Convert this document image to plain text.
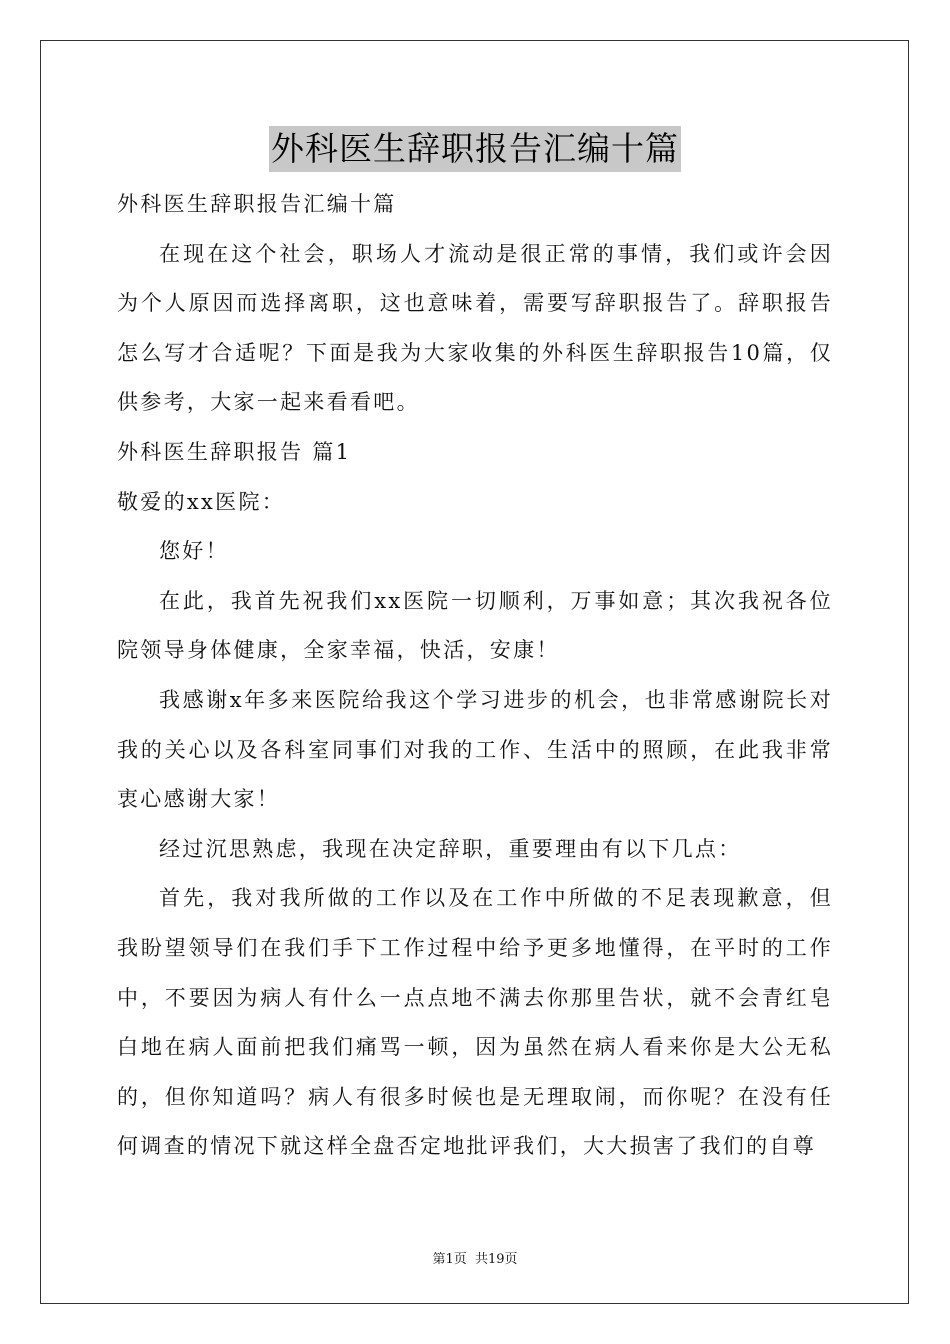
外科医生辞职报告汇编十篇

外科医生辞职报告汇编十篇

在现在这个社会，职场人才流动是很正常的事情，我们或许会因为个人原因而选择离职，这也意味着，需要写辞职报告了。辞职报告怎么写才合适呢？下面是我为大家收集的外科医生辞职报告10篇，仅供参考，大家一起来看看吧。

外科医生辞职报告 篇1

敬爱的xx医院：

您好！

在此，我首先祝我们xx医院一切顺利，万事如意；其次我祝各位院领导身体健康，全家幸福，快活，安康！

我感谢x年多来医院给我这个学习进步的机会，也非常感谢院长对我的关心以及各科室同事们对我的工作、生活中的照顾，在此我非常衷心感谢大家！

经过沉思熟虑，我现在决定辞职，重要理由有以下几点：

首先，我对我所做的工作以及在工作中所做的不足表现歉意，但我盼望领导们在我们手下工作过程中给予更多地懂得，在平时的工作中，不要因为病人有什么一点点地不满去你那里告状，就不会青红皂白地在病人面前把我们痛骂一顿，因为虽然在病人看来你是大公无私的，但你知道吗？病人有很多时候也是无理取闹，而你呢？在没有任何调查的情况下就这样全盘否定地批评我们，大大损害了我们的自尊

第1页 共19页
